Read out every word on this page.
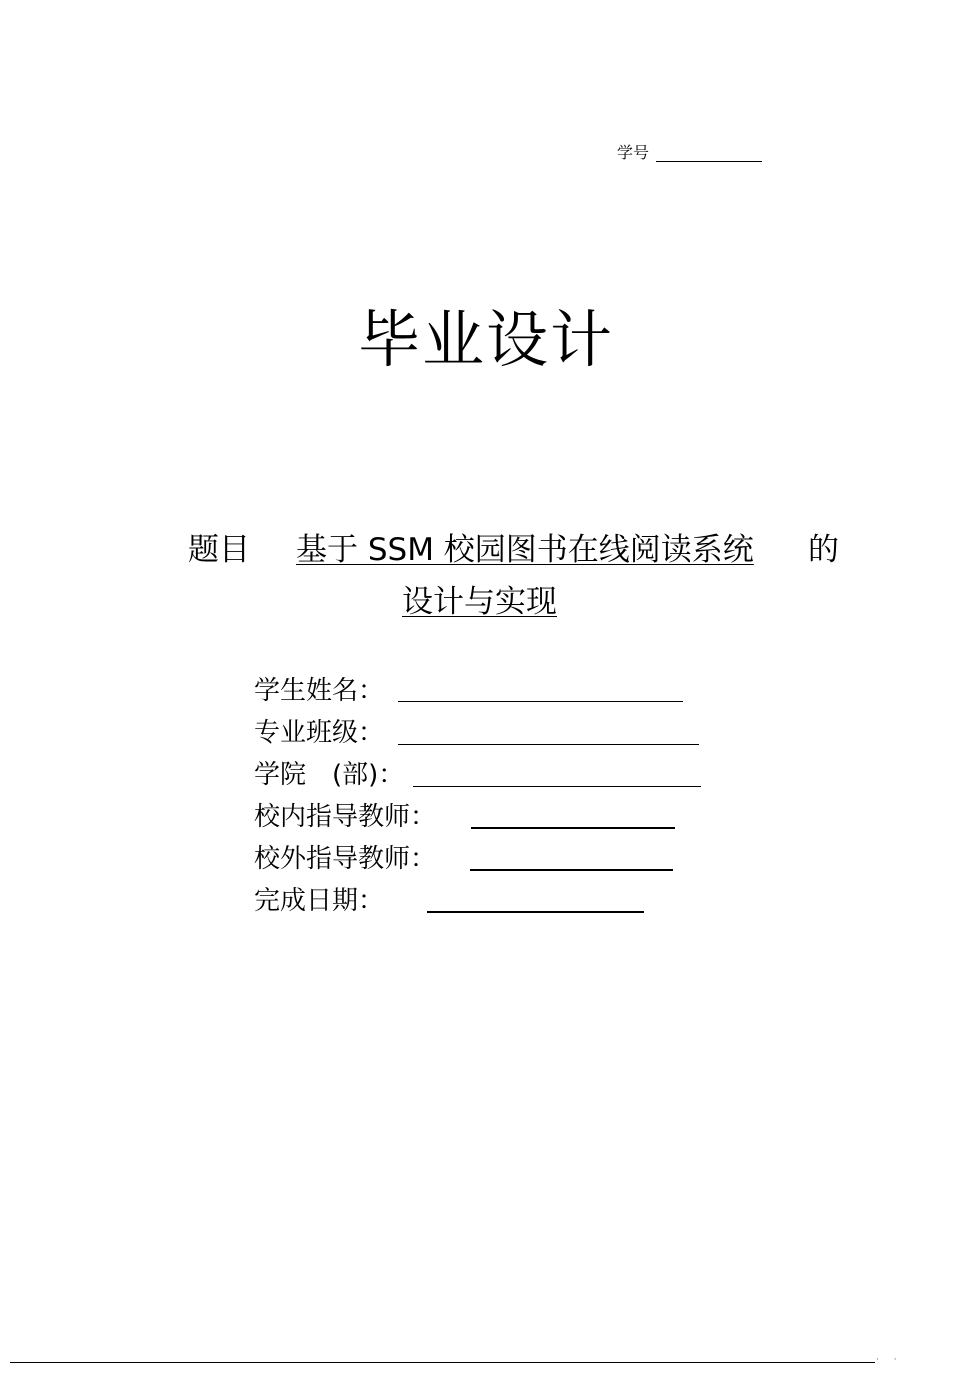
学号
毕业设计
题目	基于 SSM 校园图书在线阅读系统 的
设计与实现
学生姓名：
专业班级：
学院　(部)：
校内指导教师：
校外指导教师：
完成日期：
· ·
